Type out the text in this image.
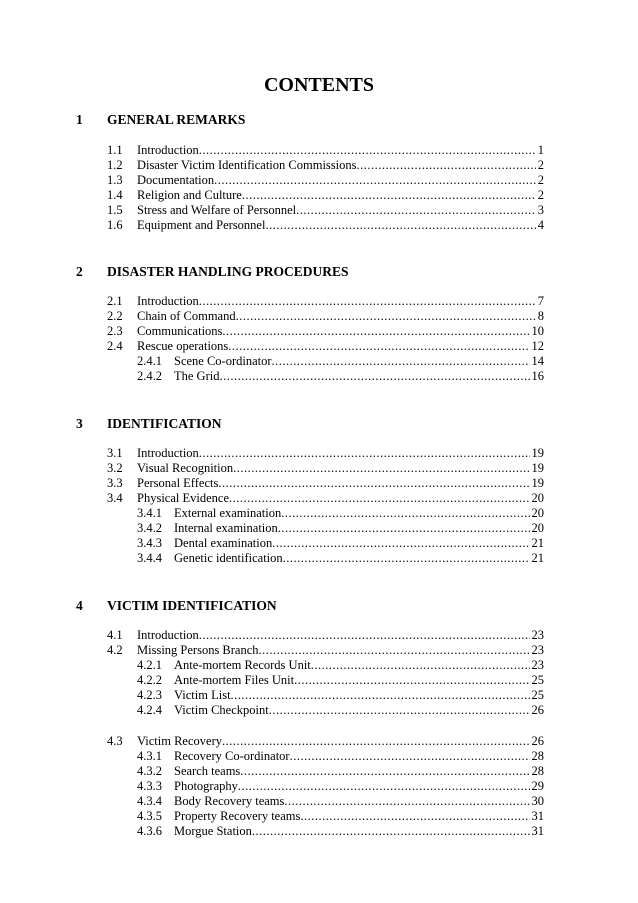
CONTENTS
1 GENERAL REMARKS
1.1 Introduction .....	1
1.2 Disaster Victim Identification Commissions .....	2
1.3 Documentation .....	2
1.4 Religion and Culture .....	2
1.5 Stress and Welfare of Personnel .....	3
1.6 Equipment and Personnel .....	4
2 DISASTER HANDLING PROCEDURES
2.1 Introduction .....	7
2.2 Chain of Command .....	8
2.3 Communications .....	10
2.4 Rescue operations .....	12
2.4.1 Scene Co-ordinator .....	14
2.4.2 The Grid .....	16
3 IDENTIFICATION
3.1 Introduction .....	19
3.2 Visual Recognition .....	19
3.3 Personal Effects .....	19
3.4 Physical Evidence .....	20
3.4.1 External examination .....	20
3.4.2 Internal examination .....	20
3.4.3 Dental examination .....	21
3.4.4 Genetic identification .....	21
4 VICTIM IDENTIFICATION
4.1 Introduction .....	23
4.2 Missing Persons Branch .....	23
4.2.1 Ante-mortem Records Unit .....	23
4.2.2 Ante-mortem Files Unit .....	25
4.2.3 Victim List .....	25
4.2.4 Victim Checkpoint .....	26
4.3 Victim Recovery .....	26
4.3.1 Recovery Co-ordinator .....	28
4.3.2 Search teams .....	28
4.3.3 Photography .....	29
4.3.4 Body Recovery teams .....	30
4.3.5 Property Recovery teams .....	31
4.3.6 Morgue Station .....	31
